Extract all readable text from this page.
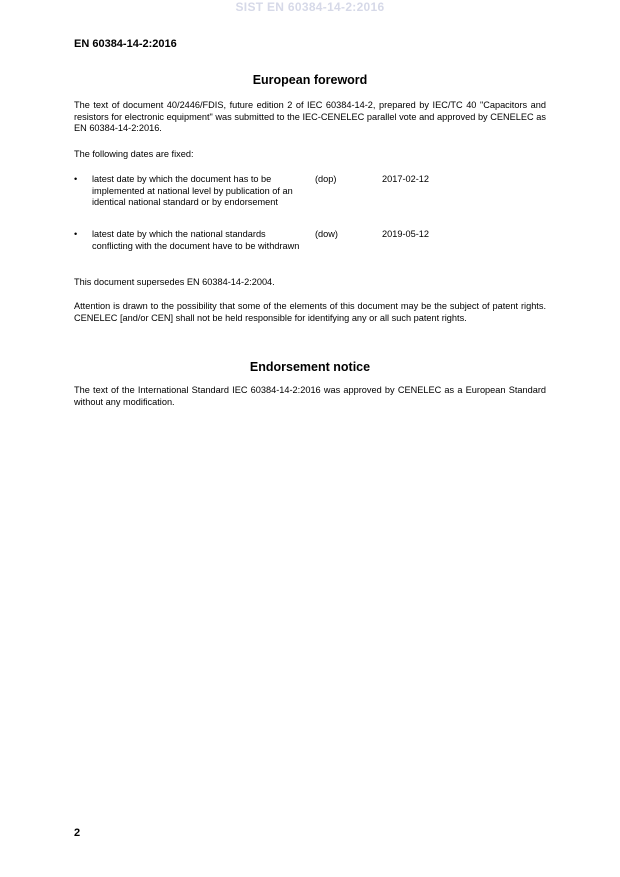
SIST EN 60384-14-2:2016
EN 60384-14-2:2016
European foreword
The text of document 40/2446/FDIS, future edition 2 of IEC 60384-14-2, prepared by IEC/TC 40 "Capacitors and resistors for electronic equipment" was submitted to the IEC-CENELEC parallel vote and approved by CENELEC as EN 60384-14-2:2016.
The following dates are fixed:
• latest date by which the document has to be implemented at national level by publication of an identical national standard or by endorsement
(dop)	2017-02-12
• latest date by which the national standards conflicting with the document have to be withdrawn
(dow)	2019-05-12
This document supersedes EN 60384-14-2:2004.
Attention is drawn to the possibility that some of the elements of this document may be the subject of patent rights. CENELEC [and/or CEN] shall not be held responsible for identifying any or all such patent rights.
Endorsement notice
The text of the International Standard IEC 60384-14-2:2016 was approved by CENELEC as a European Standard without any modification.
2
